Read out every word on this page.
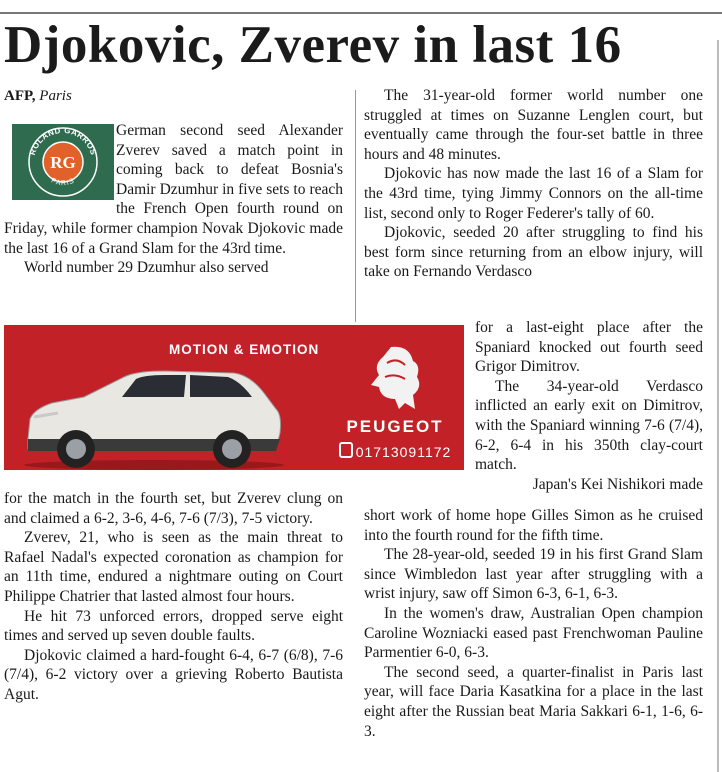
Djokovic, Zverev in last 16
AFP, Paris
ROLAND GARROS
PARIS
RG

German second seed Alexander Zverev saved a match point in coming back to defeat Bosnia's Damir Dzumhur in five sets to reach the French Open fourth round on Friday, while former champion Novak Djokovic made the last 16 of a Grand Slam for the 43rd time.

World number 29 Dzumhur also served

The 31-year-old former world number one struggled at times on Suzanne Lenglen court, but eventually came through the four-set battle in three hours and 48 minutes.

Djokovic has now made the last 16 of a Slam for the 43rd time, tying Jimmy Connors on the all-time list, second only to Roger Federer's tally of 60.

Djokovic, seeded 20 after struggling to find his best form since returning from an elbow injury, will take on Fernando Verdasco

for a last-eight place after the Spaniard knocked out fourth seed Grigor Dimitrov.

The 34-year-old Verdasco inflicted an early exit on Dimitrov, with the Spaniard winning 7-6 (7/4), 6-2, 6-4 in his 350th clay-court match.

Japan's Kei Nishikori made

MOTION & EMOTION
PEUGEOT
01713091172

for the match in the fourth set, but Zverev clung on and claimed a 6-2, 3-6, 4-6, 7-6 (7/3), 7-5 victory.

Zverev, 21, who is seen as the main threat to Rafael Nadal's expected coronation as champion for an 11th time, endured a nightmare outing on Court Philippe Chatrier that lasted almost four hours.

He hit 73 unforced errors, dropped serve eight times and served up seven double faults.

Djokovic claimed a hard-fought 6-4, 6-7 (6/8), 7-6 (7/4), 6-2 victory over a grieving Roberto Bautista Agut.

short work of home hope Gilles Simon as he cruised into the fourth round for the fifth time.

The 28-year-old, seeded 19 in his first Grand Slam since Wimbledon last year after struggling with a wrist injury, saw off Simon 6-3, 6-1, 6-3.

In the women's draw, Australian Open champion Caroline Wozniacki eased past Frenchwoman Pauline Parmentier 6-0, 6-3.

The second seed, a quarter-finalist in Paris last year, will face Daria Kasatkina for a place in the last eight after the Russian beat Maria Sakkari 6-1, 1-6, 6-3.
